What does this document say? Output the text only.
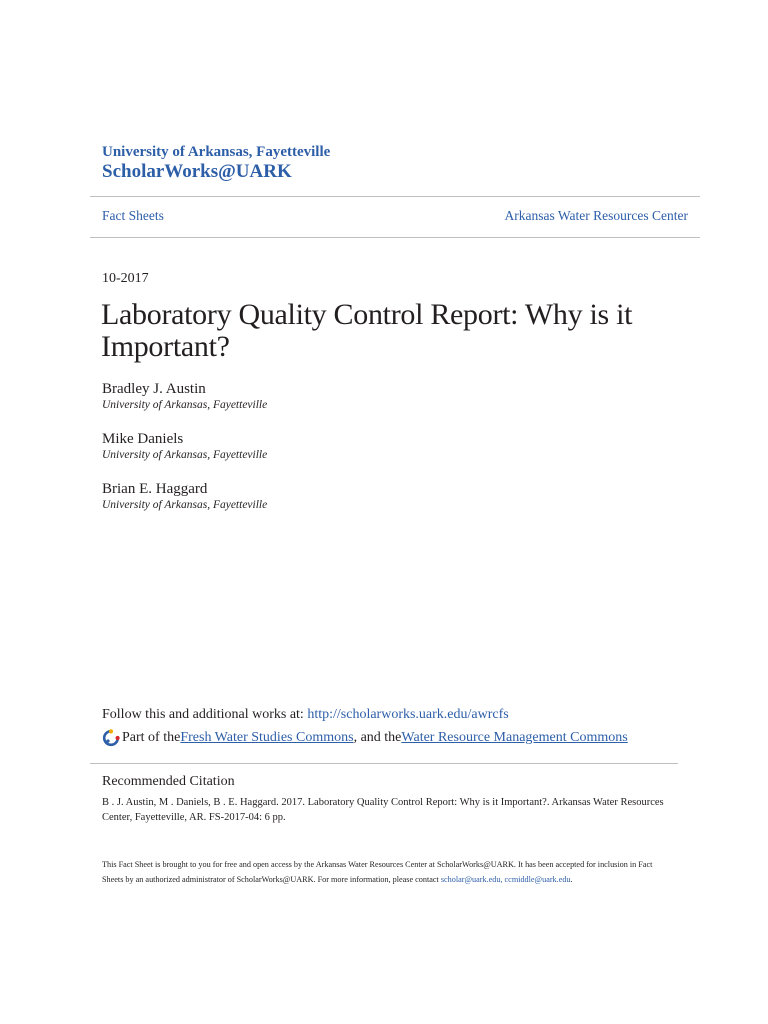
University of Arkansas, Fayetteville
ScholarWorks@UARK
Fact Sheets	Arkansas Water Resources Center
10-2017
Laboratory Quality Control Report: Why is it Important?
Bradley J. Austin
University of Arkansas, Fayetteville
Mike Daniels
University of Arkansas, Fayetteville
Brian E. Haggard
University of Arkansas, Fayetteville
Follow this and additional works at: http://scholarworks.uark.edu/awrcfs
Part of the Fresh Water Studies Commons , and the Water Resource Management Commons
Recommended Citation
B . J. Austin, M . Daniels, B . E. Haggard. 2017. Laboratory Quality Control Report: Why is it Important?. Arkansas Water Resources Center, Fayetteville, AR. FS-2017-04: 6 pp.
This Fact Sheet is brought to you for free and open access by the Arkansas Water Resources Center at ScholarWorks@UARK. It has been accepted for inclusion in Fact Sheets by an authorized administrator of ScholarWorks@UARK. For more information, please contact scholar@uark.edu, ccmiddle@uark.edu.
